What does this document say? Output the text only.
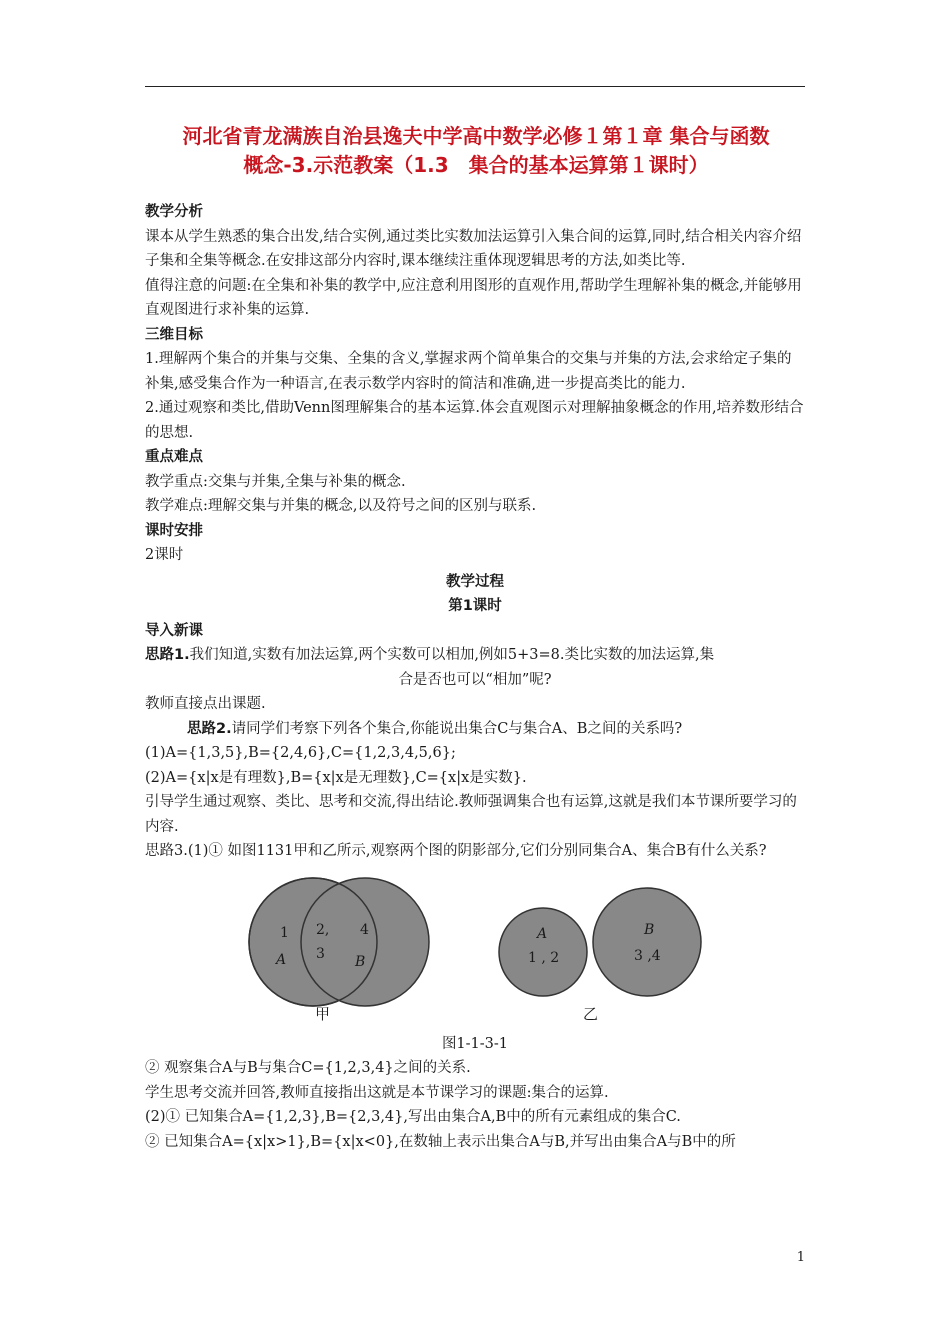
河北省青龙满族自治县逸夫中学高中数学必修１第１章 集合与函数
概念-3.示范教案（1.3　集合的基本运算第１课时）

教学分析

课本从学生熟悉的集合出发,结合实例,通过类比实数加法运算引入集合间的运算,同时,结合相关内容介绍子集和全集等概念.在安排这部分内容时,课本继续注重体现逻辑思考的方法,如类比等.

值得注意的问题:在全集和补集的教学中,应注意利用图形的直观作用,帮助学生理解补集的概念,并能够用直观图进行求补集的运算.

三维目标

1.理解两个集合的并集与交集、全集的含义,掌握求两个简单集合的交集与并集的方法,会求给定子集的补集,感受集合作为一种语言,在表示数学内容时的简洁和准确,进一步提高类比的能力.

2.通过观察和类比,借助Venn图理解集合的基本运算.体会直观图示对理解抽象概念的作用,培养数形结合的思想.

重点难点

教学重点:交集与并集,全集与补集的概念.

教学难点:理解交集与并集的概念,以及符号之间的区别与联系.

课时安排

2课时

教学过程

第1课时

导入新课

思路1.我们知道,实数有加法运算,两个实数可以相加,例如5+3=8.类比实数的加法运算,集

合是否也可以“相加”呢?

教师直接点出课题.

思路2.请同学们考察下列各个集合,你能说出集合C与集合A、B之间的关系吗?

(1)A={1,3,5},B={2,4,6},C={1,2,3,4,5,6};

(2)A={x|x是有理数},B={x|x是无理数},C={x|x是实数}.

引导学生通过观察、类比、思考和交流,得出结论.教师强调集合也有运算,这就是我们本节课所要学习的内容.

思路3.(1)① 如图1131甲和乙所示,观察两个图的阴影部分,它们分别同集合A、集合B有什么关系?

1
A
2,
3
4
B
A
1 , 2
B
3 ,4
甲	乙

图1-1-3-1

② 观察集合A与B与集合C={1,2,3,4}之间的关系.

学生思考交流并回答,教师直接指出这就是本节课学习的课题:集合的运算.

(2)① 已知集合A={1,2,3},B={2,3,4},写出由集合A,B中的所有元素组成的集合C.

② 已知集合A={x|x>1},B={x|x<0},在数轴上表示出集合A与B,并写出由集合A与B中的所

1
